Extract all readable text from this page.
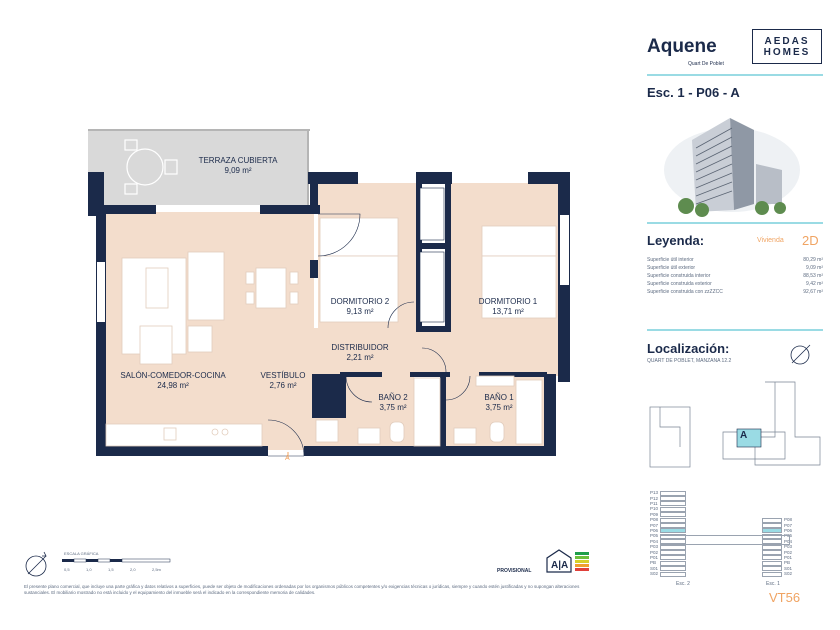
TERRAZA CUBIERTA
9,09 m²
SALÓN-COMEDOR-COCINA
24,98 m²
VESTÍBULO
2,76 m²
DORMITORIO 2
9,13 m²
DORMITORIO 1
13,71 m²
DISTRIBUIDOR
2,21 m²
BAÑO 2
3,75 m²
BAÑO 1
3,75 m²
A
ESCALA GRÁFICA
0,5	1,0	1,5	2,0	2,5m	PROVISIONAL A|A
El presente plano comercial, que incluye una parte gráfica y datos relativos a superficies, puede ser objeto de modificaciones ordenadas por los organismos públicos competentes y/o exigencias técnicas o jurídicas, siempre y cuando estén justificadas y no supongan alteraciones sustanciales. El mobiliario mostrado no está incluido y el equipamiento del inmueble será el indicado en la correspondiente memoria de calidades.
Aquene
Quart De Poblet
AEDAS
HOMES
Esc. 1 - P06 - A
Leyenda:	Vivienda 2D
Superficie útil interior	80,29 m²
Superficie útil exterior	9,09 m²
Superficie construida interior	88,53 m²
Superficie construida exterior	9,42 m²
Superficie construida con zzZZCC	92,67 m²
Localización:
QUART DE POBLET, MANZANA 12.2
A
P13
P12
P11
P10
P09
P08
P07
P06
P05
P04
P03
P02
P01
PB
S01
S02
P08
P07
P06
P05
P04
P03
P02
P01
PB
S01
S02
Esc. 2	Esc. 1
VT56
